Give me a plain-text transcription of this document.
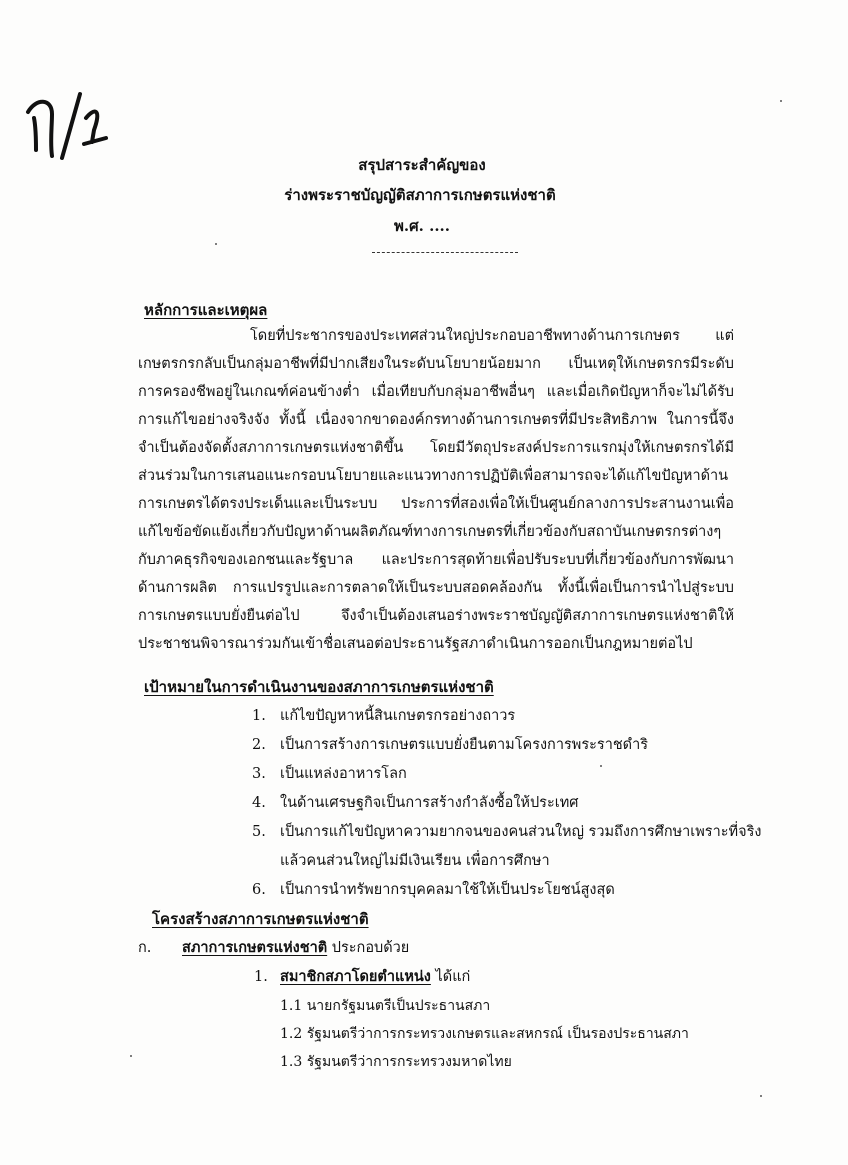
สรุปสาระสำคัญของ
ร่างพระราชบัญญัติสภาการเกษตรแห่งชาติ
พ.ศ. ....
หลักการและเหตุผล
โดยที่ประชากรของประเทศส่วนใหญ่ประกอบอาชีพทางด้านการเกษตร แต่เกษตรกรกลับเป็นกลุ่มอาชีพที่มีปากเสียงในระดับนโยบายน้อยมาก เป็นเหตุให้เกษตรกรมีระดับการครองชีพอยู่ในเกณฑ์ค่อนข้างต่ำ เมื่อเทียบกับกลุ่มอาชีพอื่นๆ และเมื่อเกิดปัญหาก็จะไม่ได้รับการแก้ไขอย่างจริงจัง ทั้งนี้ เนื่องจากขาดองค์กรทางด้านการเกษตรที่มีประสิทธิภาพ ในการนี้จึงจำเป็นต้องจัดตั้งสภาการเกษตรแห่งชาติขึ้น โดยมีวัตถุประสงค์ประการแรกมุ่งให้เกษตรกรได้มีส่วนร่วมในการเสนอแนะกรอบนโยบายและแนวทางการปฏิบัติเพื่อสามารถจะได้แก้ไขปัญหาด้านการเกษตรได้ตรงประเด็นและเป็นระบบ ประการที่สองเพื่อให้เป็นศูนย์กลางการประสานงานเพื่อแก้ไขข้อขัดแย้งเกี่ยวกับปัญหาด้านผลิตภัณฑ์ทางการเกษตรที่เกี่ยวข้องกับสถาบันเกษตรกรต่างๆ กับภาคธุรกิจของเอกชนและรัฐบาล และประการสุดท้ายเพื่อปรับระบบที่เกี่ยวข้องกับการพัฒนาด้านการผลิต การแปรรูปและการตลาดให้เป็นระบบสอดคล้องกัน ทั้งนี้เพื่อเป็นการนำไปสู่ระบบการเกษตรแบบยั่งยืนต่อไป จึงจำเป็นต้องเสนอร่างพระราชบัญญัติสภาการเกษตรแห่งชาติให้ประชาชนพิจารณาร่วมกันเข้าชื่อเสนอต่อประธานรัฐสภาดำเนินการออกเป็นกฎหมายต่อไป
เป้าหมายในการดำเนินงานของสภาการเกษตรแห่งชาติ
1. แก้ไขปัญหาหนี้สินเกษตรกรอย่างถาวร
2. เป็นการสร้างการเกษตรแบบยั่งยืนตามโครงการพระราชดำริ
3. เป็นแหล่งอาหารโลก
4. ในด้านเศรษฐกิจเป็นการสร้างกำลังซื้อให้ประเทศ
5. เป็นการแก้ไขปัญหาความยากจนของคนส่วนใหญ่ รวมถึงการศึกษาเพราะที่จริง
แล้วคนส่วนใหญ่ไม่มีเงินเรียน เพื่อการศึกษา
6. เป็นการนำทรัพยากรบุคคลมาใช้ให้เป็นประโยชน์สูงสุด
โครงสร้างสภาการเกษตรแห่งชาติ
ก. สภาการเกษตรแห่งชาติ ประกอบด้วย
1. สมาชิกสภาโดยตำแหน่ง ได้แก่
1.1 นายกรัฐมนตรีเป็นประธานสภา
1.2 รัฐมนตรีว่าการกระทรวงเกษตรและสหกรณ์ เป็นรองประธานสภา
1.3 รัฐมนตรีว่าการกระทรวงมหาดไทย
